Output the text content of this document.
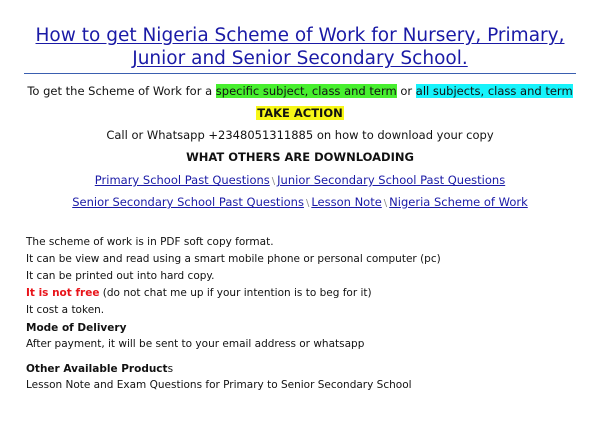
How to get Nigeria Scheme of Work for Nursery, Primary, Junior and Senior Secondary School.
To get the Scheme of Work for a specific subject, class and term or all subjects, class and term
TAKE ACTION
Call or Whatsapp +2348051311885 on how to download your copy
WHAT OTHERS ARE DOWNLOADING
Primary School Past Questions \ Junior Secondary School Past Questions
Senior Secondary School Past Questions \ Lesson Note \ Nigeria Scheme of Work
The scheme of work is in PDF soft copy format.
It can be view and read using a smart mobile phone or personal computer (pc)
It can be printed out into hard copy.
It is not free (do not chat me up if your intention is to beg for it)
It cost a token.
Mode of Delivery
After payment, it will be sent to your email address or whatsapp
Other Available Products
Lesson Note and Exam Questions for Primary to Senior Secondary School
